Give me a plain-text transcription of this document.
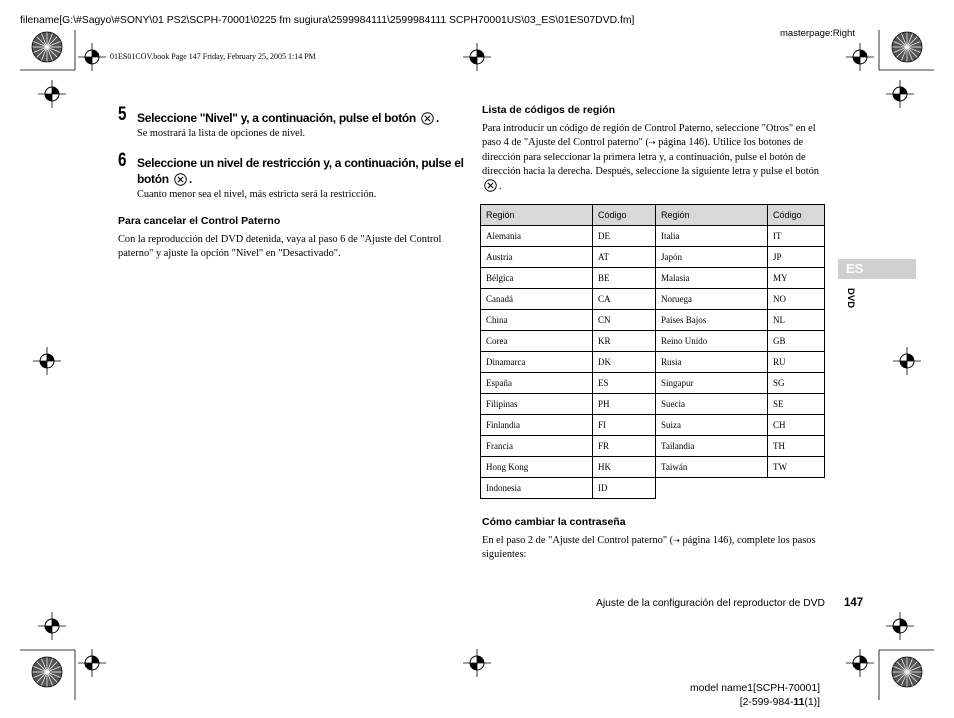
filename[G:\#Sagyo\#SONY\01 PS2\SCPH-70001\0225 fm sugiura\2599984111\2599984111 SCPH70001US\03_ES\01ES07DVD.fm]
masterpage:Right
01ES01COV.book Page 147 Friday, February 25, 2005 1:14 PM
5 Seleccione "Nivel" y, a continuación, pulse el botón .
Se mostrará la lista de opciones de nivel.
6 Seleccione un nivel de restricción y, a continuación, pulse el botón .
Cuanto menor sea el nivel, más estricta será la restricción.
Para cancelar el Control Paterno
Con la reproducción del DVD detenida, vaya al paso 6 de "Ajuste del Control paterno" y ajuste la opción "Nivel" en "Desactivado".
Lista de códigos de región
Para introducir un código de región de Control Paterno, seleccione "Otros" en el paso 4 de "Ajuste del Control paterno" (⇢ página 146). Utilice los botones de dirección para seleccionar la primera letra y, a continuación, pulse el botón de dirección hacia la derecha. Después, seleccione la siguiente letra y pulse el botón .
Región	Código	Región	Código
Alemania	DE	Italia	IT
Austria	AT	Japón	JP
Bélgica	BE	Malasia	MY
Canadá	CA	Noruega	NO
China	CN	Países Bajos	NL
Corea	KR	Reino Unido	GB
Dinamarca	DK	Rusia	RU
España	ES	Singapur	SG
Filipinas	PH	Suecia	SE
Finlandia	FI	Suiza	CH
Francia	FR	Tailandia	TH
Hong Kong	HK	Taiwán	TW
Indonesia	ID		
Cómo cambiar la contraseña
En el paso 2 de "Ajuste del Control paterno" (⇢ página 146), complete los pasos siguientes:
ES
DVD
Ajuste de la configuración del reproductor de DVD 147
model name1[SCPH-70001]
[2-599-984-11(1)]
